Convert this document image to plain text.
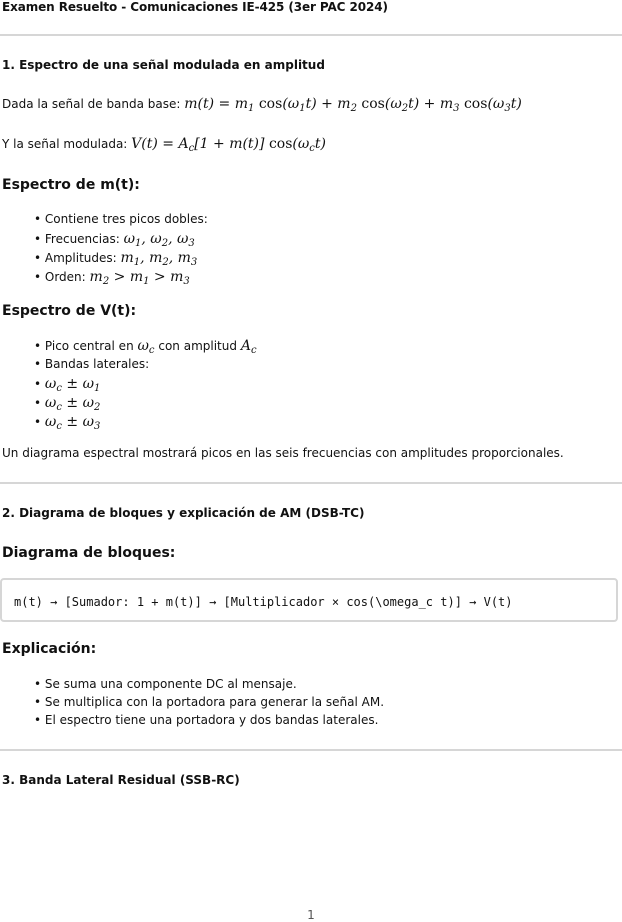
Examen Resuelto - Comunicaciones IE-425 (3er PAC 2024)
1. Espectro de una señal modulada en amplitud
Dada la señal de banda base: $m(t) = m_1$ $\cos(\omega_1t) + m_2$ $\cos(\omega_2t) + m_3$ $\cos(\omega_3t)$
Y la señal modulada: $V(t) = A_c[1 + m(t)]$ $\cos(\omega_ct)$
Espectro de m(t):
• Contiene tres picos dobles:
• Frecuencias: $\omega_1$, $\omega_2$, $\omega_3$
• Amplitudes: $m_1$, $m_2$, $m_3$
• Orden: $m_2 > m_1 > m_3$
Espectro de V(t):
• Pico central en $\omega_c$ con amplitud $A_c$
• Bandas laterales:
• $\omega_c \pm \omega_1$
• $\omega_c \pm \omega_2$
• $\omega_c \pm \omega_3$
Un diagrama espectral mostrará picos en las seis frecuencias con amplitudes proporcionales.
2. Diagrama de bloques y explicación de AM (DSB-TC)
Diagrama de bloques:
m(t) → [Sumador: 1 + m(t)] → [Multiplicador × cos(\omega_c t)] → V(t)
Explicación:
• Se suma una componente DC al mensaje.
• Se multiplica con la portadora para generar la señal AM.
• El espectro tiene una portadora y dos bandas laterales.
3. Banda Lateral Residual (SSB-RC)
1
